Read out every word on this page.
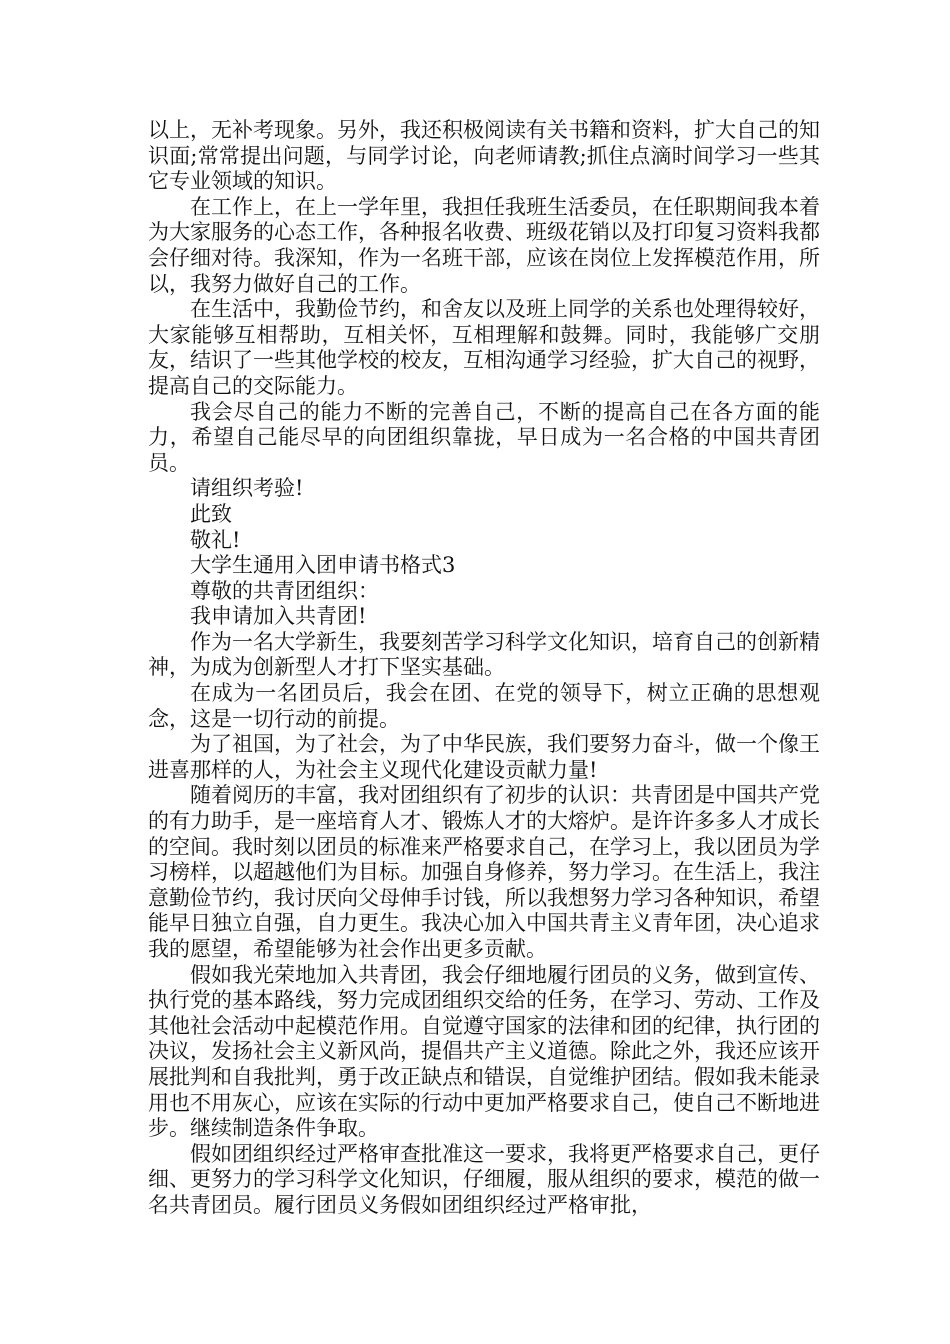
以上，无补考现象。另外，我还积极阅读有关书籍和资料，扩大自己的知识面;常常提出问题，与同学讨论，向老师请教;抓住点滴时间学习一些其它专业领域的知识。

在工作上，在上一学年里，我担任我班生活委员，在任职期间我本着为大家服务的心态工作，各种报名收费、班级花销以及打印复习资料我都会仔细对待。我深知，作为一名班干部，应该在岗位上发挥模范作用，所以，我努力做好自己的工作。

在生活中，我勤俭节约，和舍友以及班上同学的关系也处理得较好，大家能够互相帮助，互相关怀，互相理解和鼓舞。同时，我能够广交朋友，结识了一些其他学校的校友，互相沟通学习经验，扩大自己的视野，提高自己的交际能力。

我会尽自己的能力不断的完善自己，不断的提高自己在各方面的能力，希望自己能尽早的向团组织靠拢，早日成为一名合格的中国共青团员。

请组织考验!

此致

敬礼!

大学生通用入团申请书格式3

尊敬的共青团组织：

我申请加入共青团!

作为一名大学新生，我要刻苦学习科学文化知识，培育自己的创新精神，为成为创新型人才打下坚实基础。

在成为一名团员后，我会在团、在党的领导下，树立正确的思想观念，这是一切行动的前提。

为了祖国，为了社会，为了中华民族，我们要努力奋斗，做一个像王进喜那样的人，为社会主义现代化建设贡献力量!

随着阅历的丰富，我对团组织有了初步的认识：共青团是中国共产党的有力助手，是一座培育人才、锻炼人才的大熔炉。是许许多多人才成长的空间。我时刻以团员的标准来严格要求自己，在学习上，我以团员为学习榜样，以超越他们为目标。加强自身修养，努力学习。在生活上，我注意勤俭节约，我讨厌向父母伸手讨钱，所以我想努力学习各种知识，希望能早日独立自强，自力更生。我决心加入中国共青主义青年团，决心追求我的愿望，希望能够为社会作出更多贡献。

假如我光荣地加入共青团，我会仔细地履行团员的义务，做到宣传、执行党的基本路线，努力完成团组织交给的任务，在学习、劳动、工作及其他社会活动中起模范作用。自觉遵守国家的法律和团的纪律，执行团的决议，发扬社会主义新风尚，提倡共产主义道德。除此之外，我还应该开展批判和自我批判，勇于改正缺点和错误，自觉维护团结。假如我未能录用也不用灰心，应该在实际的行动中更加严格要求自己，使自己不断地进步。继续制造条件争取。

假如团组织经过严格审查批准这一要求，我将更严格要求自己，更仔细、更努力的学习科学文化知识，仔细履，服从组织的要求，模范的做一名共青团员。履行团员义务假如团组织经过严格审批，
